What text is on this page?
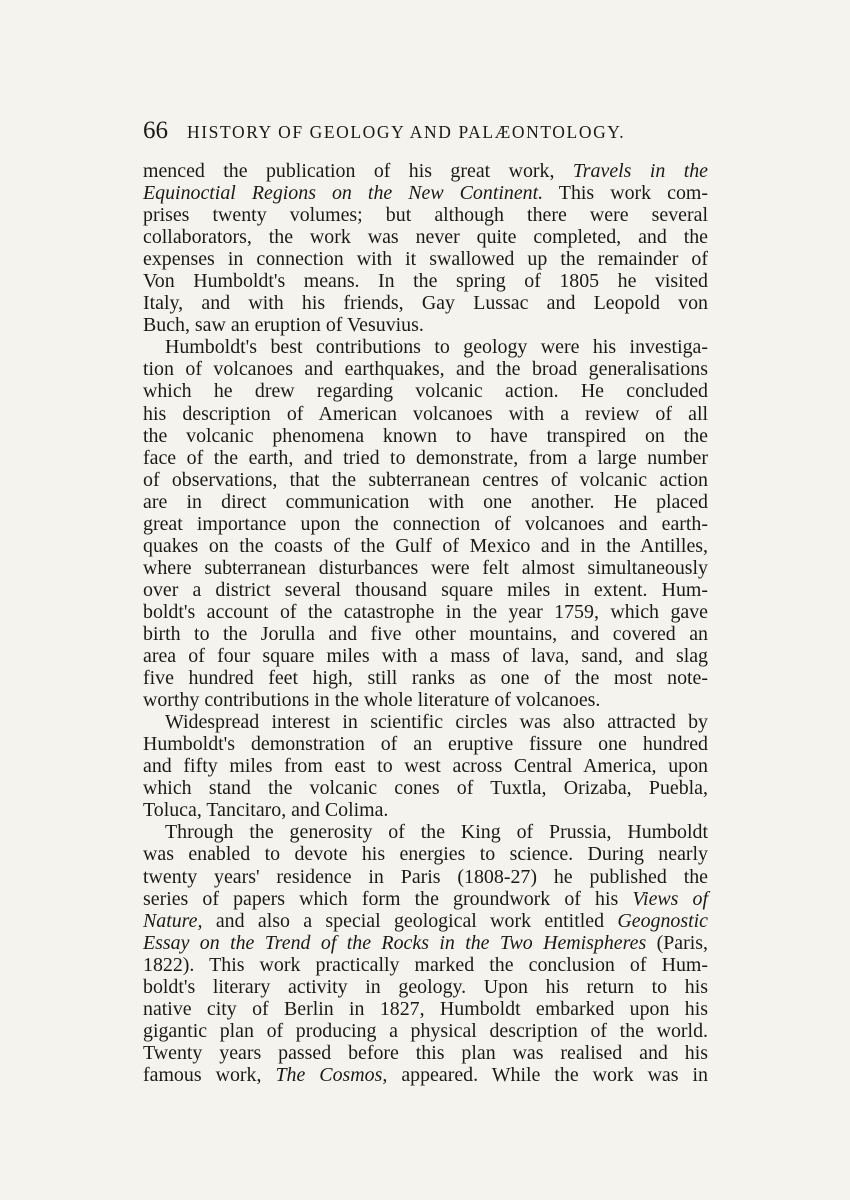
66 HISTORY OF GEOLOGY AND PALÆONTOLOGY.
menced the publication of his great work, Travels in the
Equinoctial Regions on the New Continent. This work com-
prises twenty volumes; but although there were several
collaborators, the work was never quite completed, and the
expenses in connection with it swallowed up the remainder of
Von Humboldt's means. In the spring of 1805 he visited
Italy, and with his friends, Gay Lussac and Leopold von
Buch, saw an eruption of Vesuvius.
Humboldt's best contributions to geology were his investiga-
tion of volcanoes and earthquakes, and the broad generalisations
which he drew regarding volcanic action. He concluded
his description of American volcanoes with a review of all
the volcanic phenomena known to have transpired on the
face of the earth, and tried to demonstrate, from a large number
of observations, that the subterranean centres of volcanic action
are in direct communication with one another. He placed
great importance upon the connection of volcanoes and earth-
quakes on the coasts of the Gulf of Mexico and in the Antilles,
where subterranean disturbances were felt almost simultaneously
over a district several thousand square miles in extent. Hum-
boldt's account of the catastrophe in the year 1759, which gave
birth to the Jorulla and five other mountains, and covered an
area of four square miles with a mass of lava, sand, and slag
five hundred feet high, still ranks as one of the most note-
worthy contributions in the whole literature of volcanoes.
Widespread interest in scientific circles was also attracted by
Humboldt's demonstration of an eruptive fissure one hundred
and fifty miles from east to west across Central America, upon
which stand the volcanic cones of Tuxtla, Orizaba, Puebla,
Toluca, Tancitaro, and Colima.
Through the generosity of the King of Prussia, Humboldt
was enabled to devote his energies to science. During nearly
twenty years' residence in Paris (1808-27) he published the
series of papers which form the groundwork of his Views of
Nature, and also a special geological work entitled Geognostic
Essay on the Trend of the Rocks in the Two Hemispheres (Paris,
1822). This work practically marked the conclusion of Hum-
boldt's literary activity in geology. Upon his return to his
native city of Berlin in 1827, Humboldt embarked upon his
gigantic plan of producing a physical description of the world.
Twenty years passed before this plan was realised and his
famous work, The Cosmos, appeared. While the work was in
